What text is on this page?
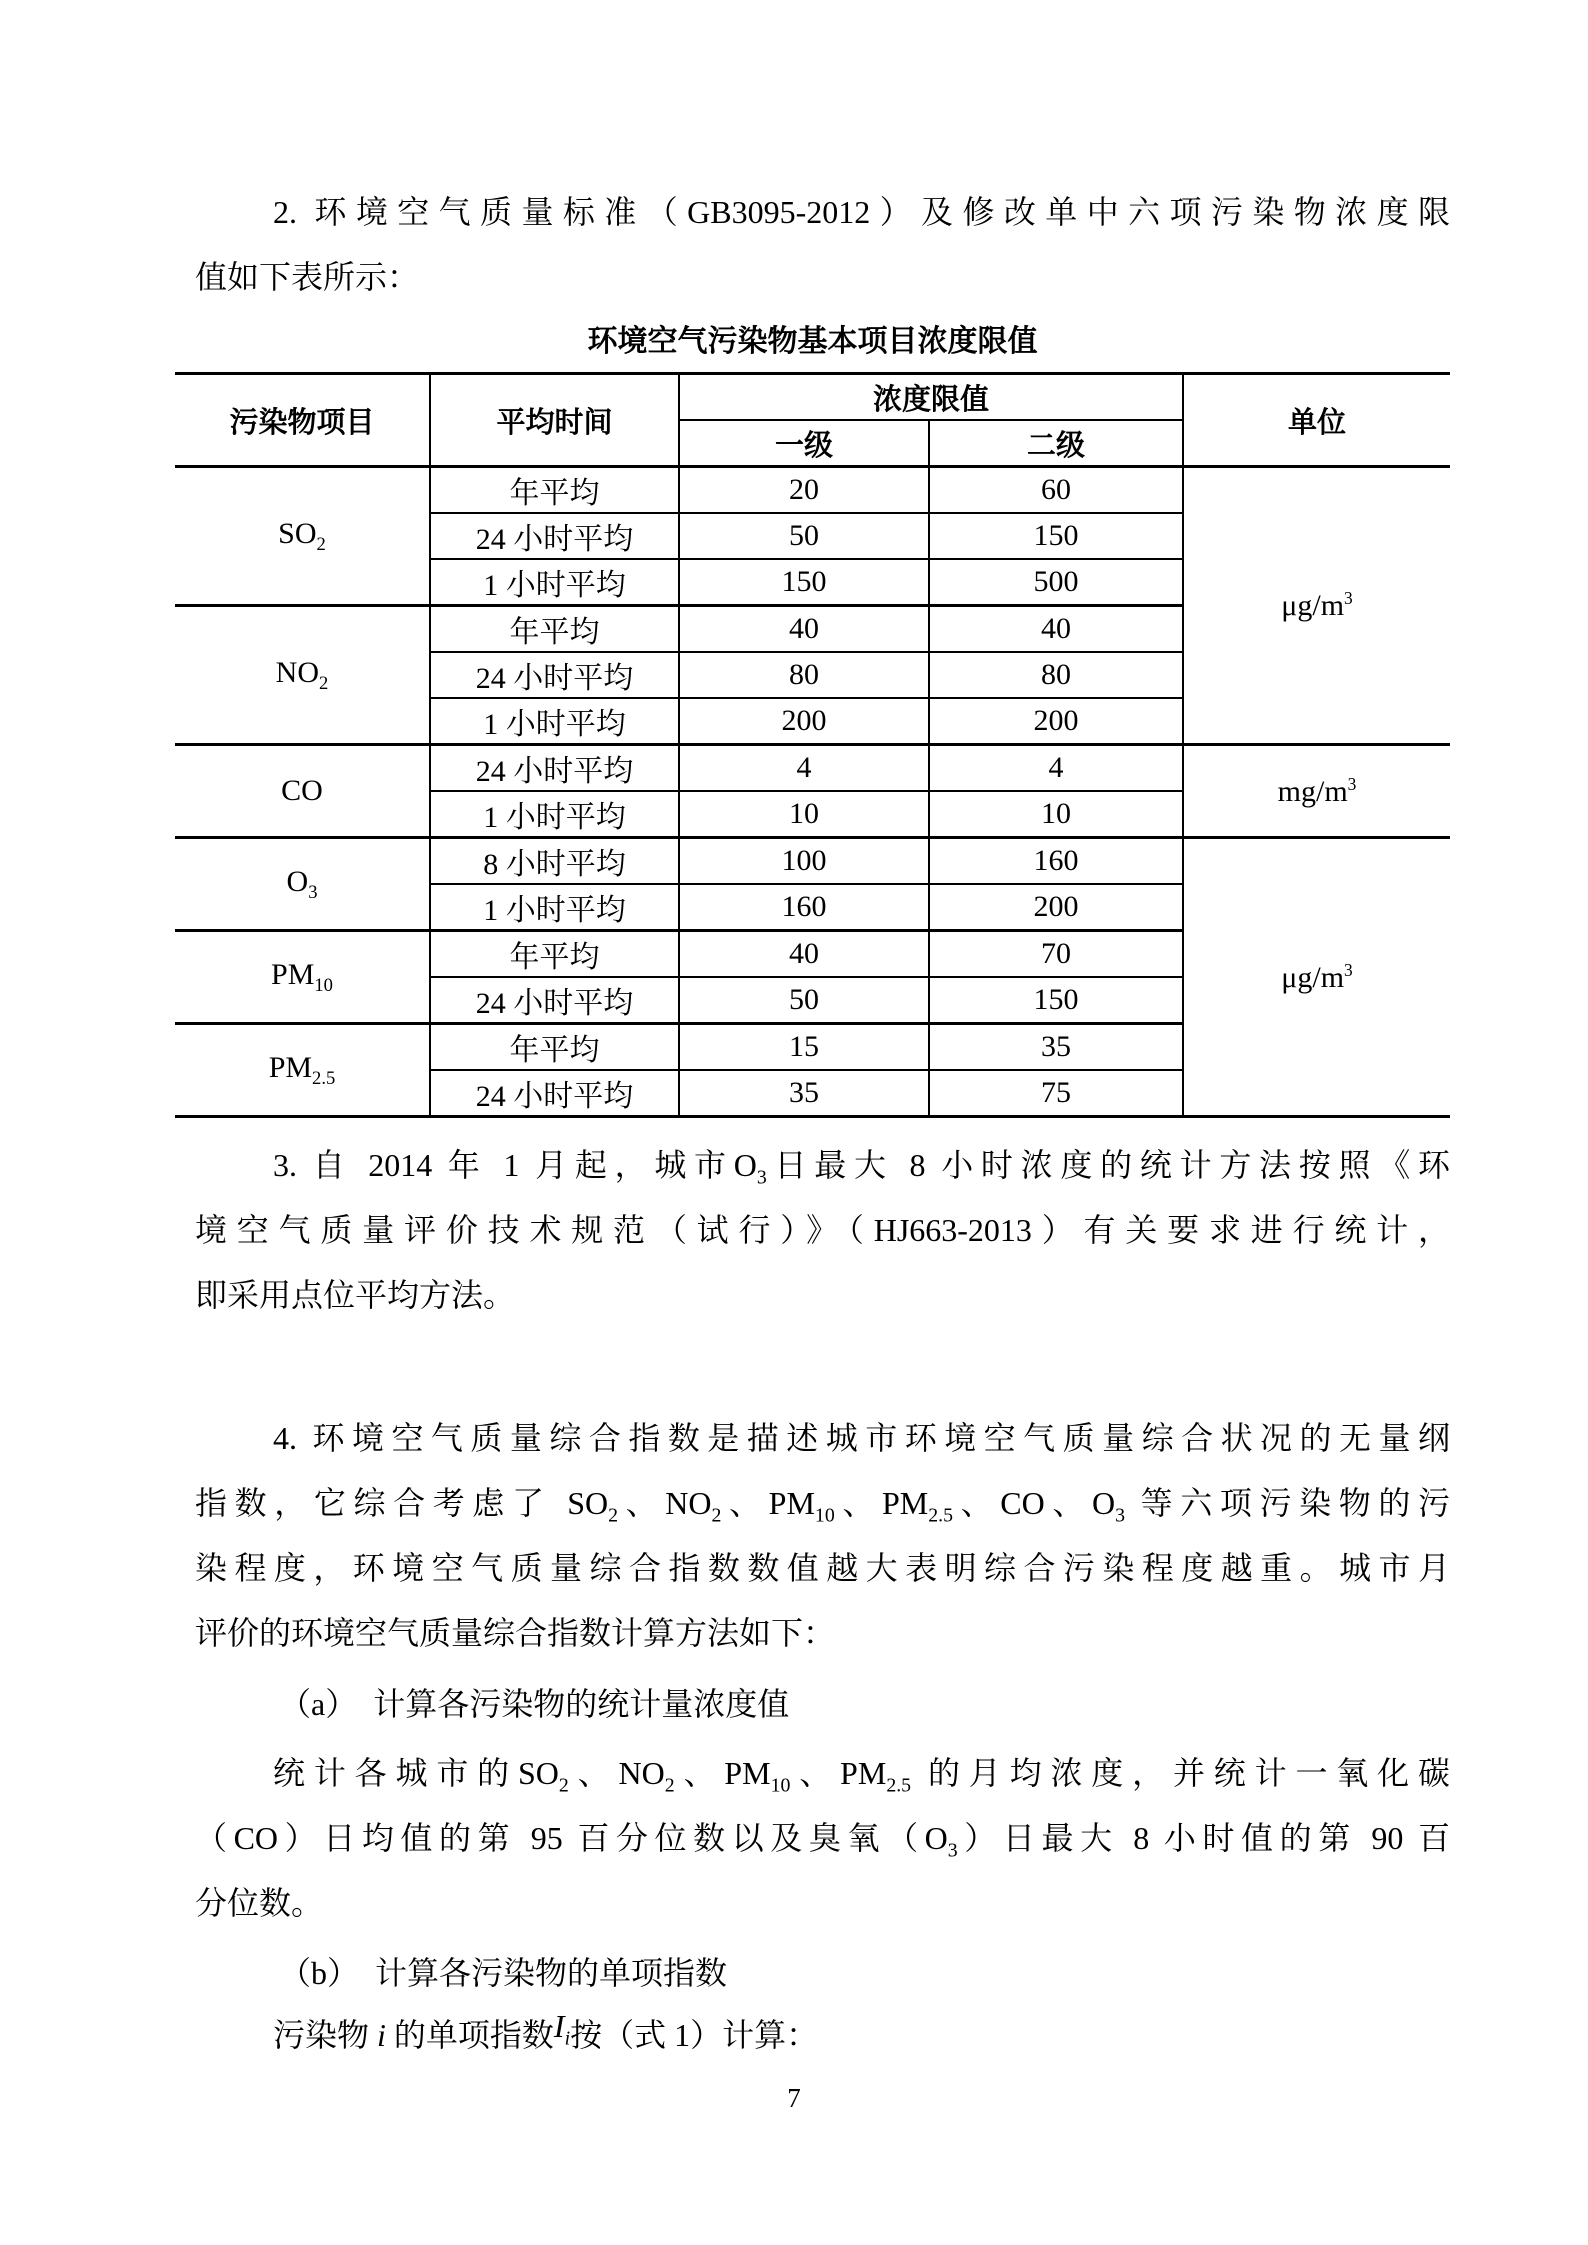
2. 环境空气质量标准（GB3095-2012）及修改单中六项污染物浓度限
值如下表所示：
环境空气污染物基本项目浓度限值
污染物项目	平均时间	浓度限值		单位
		一级	二级	
$SO_2$	年平均	20	60	$\mu g/m^3$
	24 小时平均	50	150	
	1 小时平均	150	500	
$NO_2$	年平均	40	40	
	24 小时平均	80	80	
	1 小时平均	200	200	
CO	24 小时平均	4	4	$mg/m^3$
	1 小时平均	10	10	
$O_3$	8 小时平均	100	160	$\mu g/m^3$
	1 小时平均	160	200	
$PM_{10}$	年平均	40	70	
	24 小时平均	50	150	
$PM_{2.5}$	年平均	15	35	
	24 小时平均	35	75	
3. 自 2014 年 1 月起，城市$O_3$日最大 8 小时浓度的统计方法按照《环
境空气质量评价技术规范（试行）》（HJ663-2013）有关要求进行统计，
即采用点位平均方法。
4. 环境空气质量综合指数是描述城市环境空气质量综合状况的无量纲
指数，它综合考虑了 $SO_2$、$NO_2$、$PM_{10}$、$PM_{2.5}$、CO、$O_3$ 等六项污染物的污
染程度，环境空气质量综合指数数值越大表明综合污染程度越重。城市月
评价的环境空气质量综合指数计算方法如下：
（a）　计算各污染物的统计量浓度值
统计各城市的$SO_2$、$NO_2$、$PM_{10}$、$PM_{2.5}$ 的月均浓度，并统计一氧化碳
（CO）日均值的第 95 百分位数以及臭氧$(O_3)$日最大 8 小时值的第 90 百
分位数。
（b）　计算各污染物的单项指数
污染物 i 的单项指数$I_i$按（式 1）计算：
7
